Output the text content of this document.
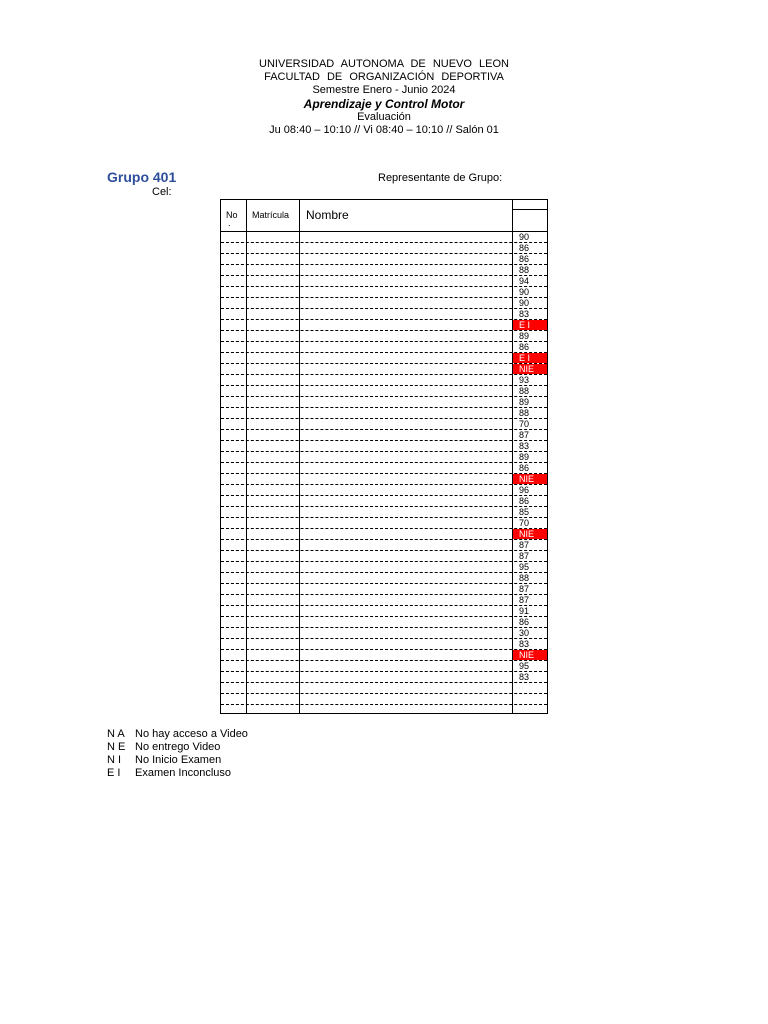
UNIVERSIDAD AUTONOMA DE NUEVO LEON
FACULTAD DE ORGANIZACIÓN DEPORTIVA
Semestre Enero - Junio 2024
Aprendizaje y Control Motor
Evaluación
Ju 08:40 – 10:10 // Vi 08:40 – 10:10 // Salón 01
Grupo 401
Cel:
Representante de Grupo:
No
.
Matrícula Nombre
90
86
86
88
94
90
90
83
E I
89
86
E I
NIE
93
88
89
88
70
87
83
89
86
NIE
96
86
85
70
NIE
87
87
95
88
87
87
91
86
30
83
NIE
95
83
N A No hay acceso a Video
N E No entrego Video
N I No Inicio Examen
E I Examen Inconcluso
